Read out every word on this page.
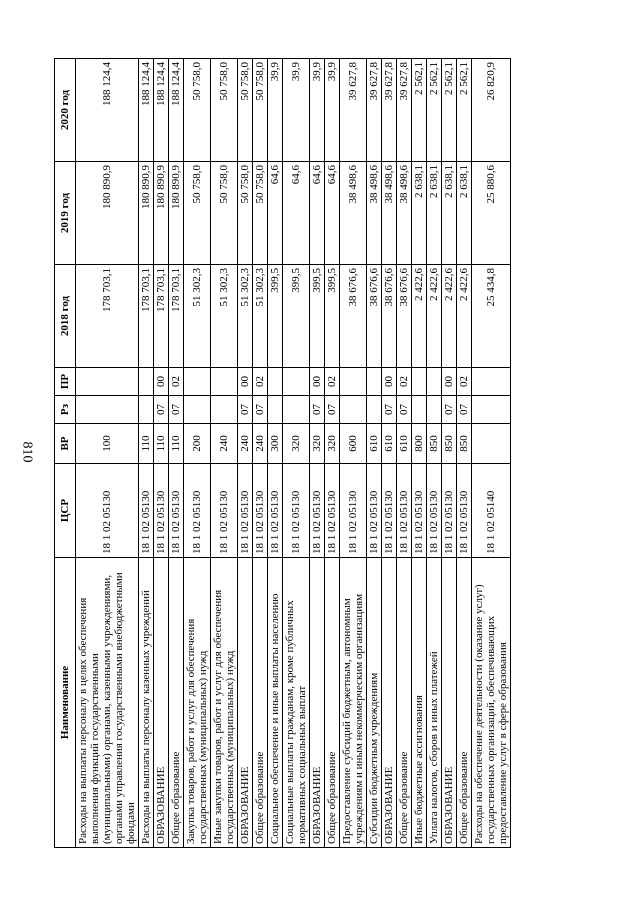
810
Наименование	ЦСР	ВР	Рз	ПР	2018 год	2019 год	2020 год
Расходы на выплаты персоналу в целях обеспечения выполнения функций государственными (муниципальными) органами, казенными учреждениями, органами управления государственными внебюджетными фондами	18 1 02 05130	100			178 703,1	180 890,9	188 124,4
Расходы на выплаты персоналу казенных учреждений	18 1 02 05130	110			178 703,1	180 890,9	188 124,4
ОБРАЗОВАНИЕ	18 1 02 05130	110	07	00	178 703,1	180 890,9	188 124,4
Общее образование	18 1 02 05130	110	07	02	178 703,1	180 890,9	188 124,4
Закупка товаров, работ и услуг для обеспечения государственных (муниципальных) нужд	18 1 02 05130	200			51 302,3	50 758,0	50 758,0
Иные закупки товаров, работ и услуг для обеспечения государственных (муниципальных) нужд	18 1 02 05130	240			51 302,3	50 758,0	50 758,0
ОБРАЗОВАНИЕ	18 1 02 05130	240	07	00	51 302,3	50 758,0	50 758,0
Общее образование	18 1 02 05130	240	07	02	51 302,3	50 758,0	50 758,0
Социальное обеспечение и иные выплаты населению	18 1 02 05130	300			399,5	64,6	39,9
Социальные выплаты гражданам, кроме публичных нормативных социальных выплат	18 1 02 05130	320			399,5	64,6	39,9
ОБРАЗОВАНИЕ	18 1 02 05130	320	07	00	399,5	64,6	39,9
Общее образование	18 1 02 05130	320	07	02	399,5	64,6	39,9
Предоставление субсидий бюджетным, автономным учреждениям и иным некоммерческим организациям	18 1 02 05130	600			38 676,6	38 498,6	39 627,8
Субсидии бюджетным учреждениям	18 1 02 05130	610			38 676,6	38 498,6	39 627,8
ОБРАЗОВАНИЕ	18 1 02 05130	610	07	00	38 676,6	38 498,6	39 627,8
Общее образование	18 1 02 05130	610	07	02	38 676,6	38 498,6	39 627,8
Иные бюджетные ассигнования	18 1 02 05130	800			2 422,6	2 638,1	2 562,1
Уплата налогов, сборов и иных платежей	18 1 02 05130	850			2 422,6	2 638,1	2 562,1
ОБРАЗОВАНИЕ	18 1 02 05130	850	07	00	2 422,6	2 638,1	2 562,1
Общее образование	18 1 02 05130	850	07	02	2 422,6	2 638,1	2 562,1
Расходы на обеспечение деятельности (оказание услуг) государственных организаций, обеспечивающих предоставление услуг в сфере образования	18 1 02 05140				25 434,8	25 880,6	26 820,9
